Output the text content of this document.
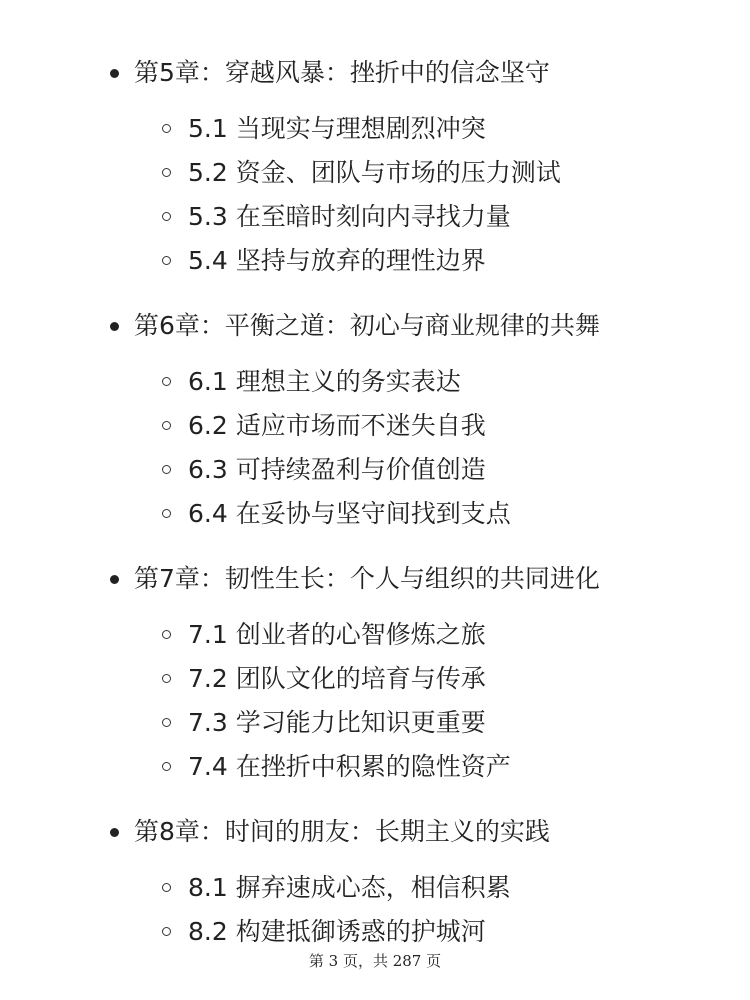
第5章：穿越风暴：挫折中的信念坚守
5.1 当现实与理想剧烈冲突
5.2 资金、团队与市场的压力测试
5.3 在至暗时刻向内寻找力量
5.4 坚持与放弃的理性边界
第6章：平衡之道：初心与商业规律的共舞
6.1 理想主义的务实表达
6.2 适应市场而不迷失自我
6.3 可持续盈利与价值创造
6.4 在妥协与坚守间找到支点
第7章：韧性生长：个人与组织的共同进化
7.1 创业者的心智修炼之旅
7.2 团队文化的培育与传承
7.3 学习能力比知识更重要
7.4 在挫折中积累的隐性资产
第8章：时间的朋友：长期主义的实践
8.1 摒弃速成心态，相信积累
8.2 构建抵御诱惑的护城河
第 3 页，共 287 页
